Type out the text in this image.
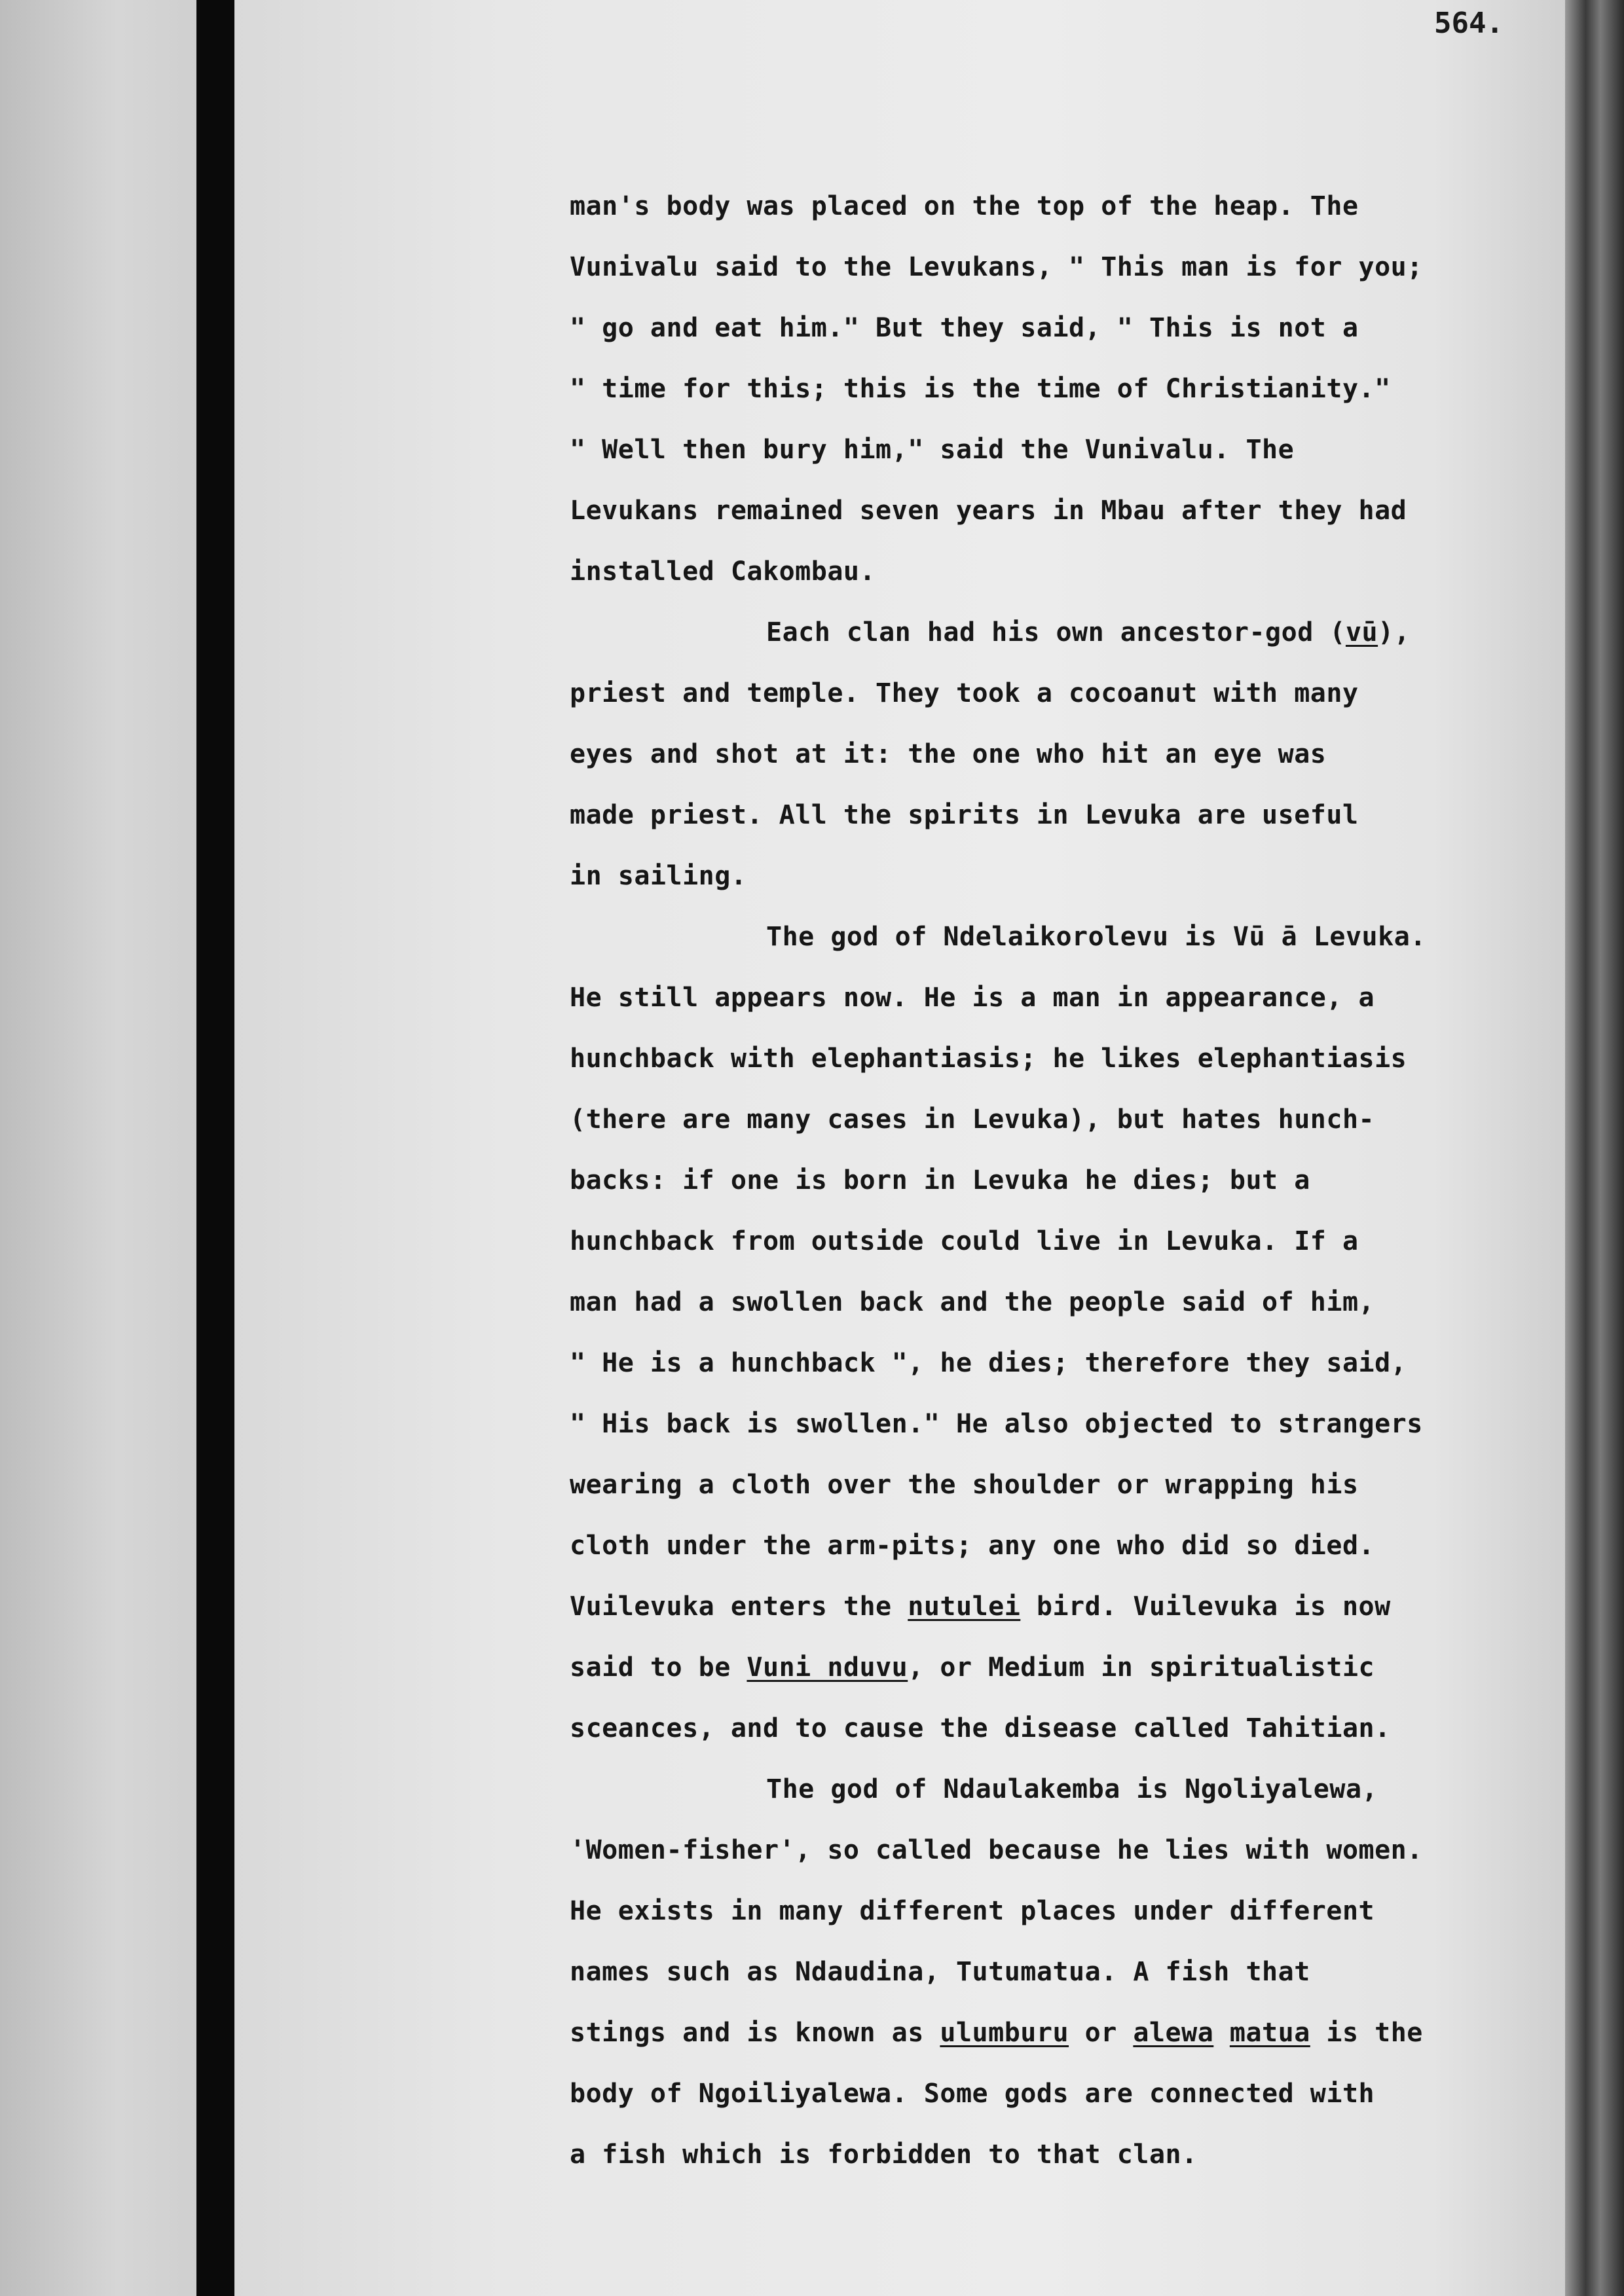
564.
man's body was placed on the top of the heap. The
Vunivalu said to the Levukans, " This man is for you;
" go and eat him." But they said, " This is not a
" time for this; this is the time of Christianity."
" Well then bury him," said the Vunivalu. The
Levukans remained seven years in Mbau after they had
installed Cakombau.
Each clan had his own ancestor-god (vū),
priest and temple. They took a cocoanut with many
eyes and shot at it: the one who hit an eye was
made priest. All the spirits in Levuka are useful
in sailing.
The god of Ndelaikorolevu is Vū ā Levuka.
He still appears now. He is a man in appearance, a
hunchback with elephantiasis; he likes elephantiasis
(there are many cases in Levuka), but hates hunch-
backs: if one is born in Levuka he dies; but a
hunchback from outside could live in Levuka. If a
man had a swollen back and the people said of him,
" He is a hunchback ", he dies; therefore they said,
" His back is swollen." He also objected to strangers
wearing a cloth over the shoulder or wrapping his
cloth under the arm-pits; any one who did so died.
Vuilevuka enters the nutulei bird. Vuilevuka is now
said to be Vuni nduvu, or Medium in spiritualistic
sceances, and to cause the disease called Tahitian.
The god of Ndaulakemba is Ngoliyalewa,
'Women-fisher', so called because he lies with women.
He exists in many different places under different
names such as Ndaudina, Tutumatua. A fish that
stings and is known as ulumburu or alewa matua is the
body of Ngoiliyalewa. Some gods are connected with
a fish which is forbidden to that clan.
